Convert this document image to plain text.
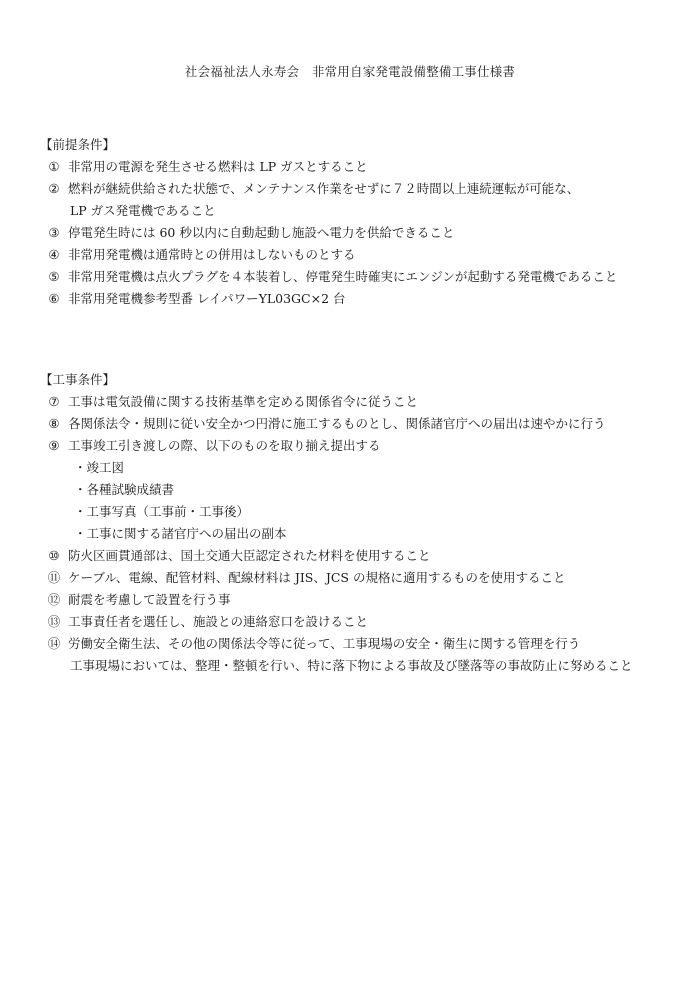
社会福祉法人永寿会　非常用自家発電設備整備工事仕様書
【前提条件】
① 非常用の電源を発生させる燃料は LP ガスとすること
② 燃料が継続供給された状態で、メンテナンス作業をせずに７２時間以上連続運転が可能な、
LP ガス発電機であること
③ 停電発生時には 60 秒以内に自動起動し施設へ電力を供給できること
④ 非常用発電機は通常時との併用はしないものとする
⑤ 非常用発電機は点火プラグを４本装着し、停電発生時確実にエンジンが起動する発電機であること
⑥ 非常用発電機参考型番 レイパワーYL03GC×2 台
【工事条件】
⑦ 工事は電気設備に関する技術基準を定める関係省令に従うこと
⑧ 各関係法令・規則に従い安全かつ円滑に施工するものとし、関係諸官庁への届出は速やかに行う
⑨ 工事竣工引き渡しの際、以下のものを取り揃え提出する
・竣工図
・各種試験成績書
・工事写真（工事前・工事後）
・工事に関する諸官庁への届出の副本
⑩ 防火区画貫通部は、国土交通大臣認定された材料を使用すること
⑪ ケーブル、電線、配管材料、配線材料は JIS、JCS の規格に適用するものを使用すること
⑫ 耐震を考慮して設置を行う事
⑬ 工事責任者を選任し、施設との連絡窓口を設けること
⑭ 労働安全衛生法、その他の関係法令等に従って、工事現場の安全・衛生に関する管理を行う
工事現場においては、整理・整頓を行い、特に落下物による事故及び墜落等の事故防止に努めること
